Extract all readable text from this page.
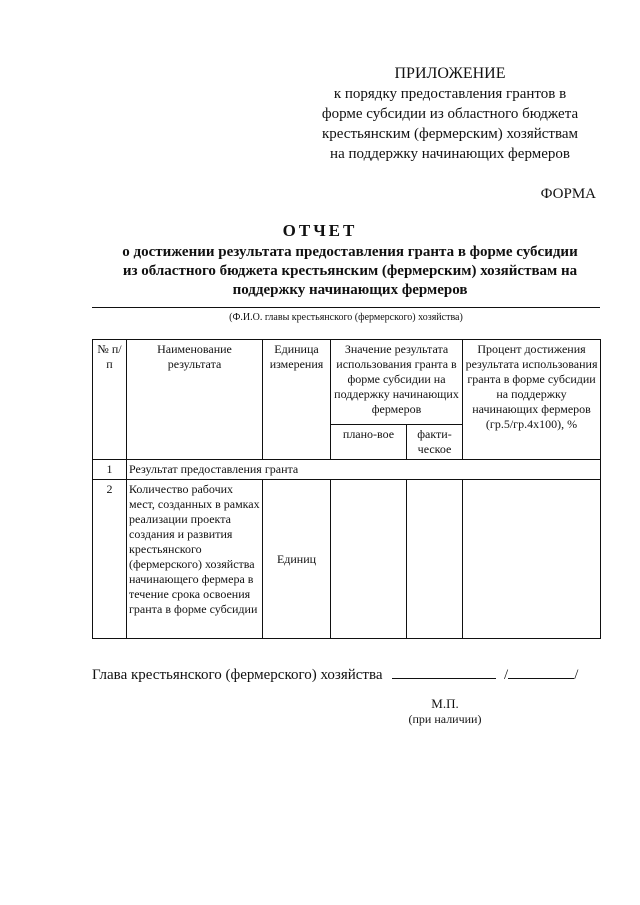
ПРИЛОЖЕНИЕ
к порядку предоставления грантов в
форме субсидии из областного бюджета
крестьянским (фермерским) хозяйствам
на поддержку начинающих фермеров
ФОРМА
ОТЧЕТ
о достижении результата предоставления гранта в форме субсидии
из областного бюджета крестьянским (фермерским) хозяйствам на
поддержку начинающих фермеров
(Ф.И.О. главы крестьянского (фермерского) хозяйства)
№ п/п	Наименование результата	Единица измерения	Значение результата использования гранта в форме субсидии на поддержку начинающих фермеров		Процент достижения результата использования гранта в форме субсидии на поддержку начинающих фермеров (гр.5/гр.4х100), %
			плано-вое	факти-ческое	
1	Результат предоставления гранта				
2	Количество рабочих мест, созданных в рамках реализации проекта создания и развития крестьянского (фермерского) хозяйства начинающего фермера в течение срока освоения гранта в форме субсидии	Единиц			
Глава крестьянского (фермерского) хозяйства	/	/
М.П.
(при наличии)
